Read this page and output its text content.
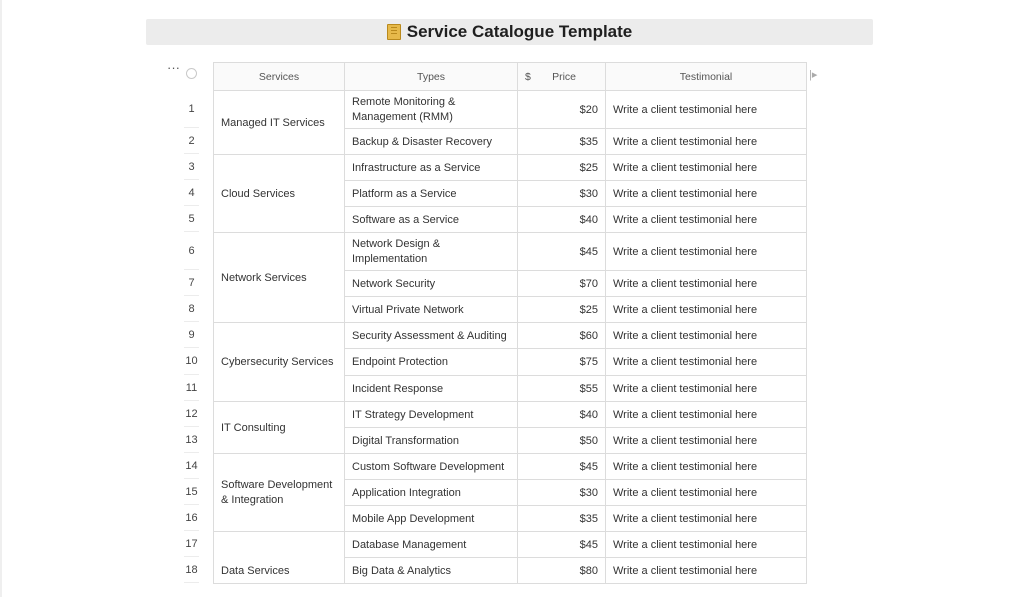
Service Catalogue Template
···	|▸
1
2
3
4
5
6
7
8
9
10
11
12
13
14
15
16
17
18
Services	Types	$ Price	Testimonial
Managed IT Services	Remote Monitoring & Management (RMM)	$20	Write a client testimonial here
	Backup & Disaster Recovery	$35	Write a client testimonial here
Cloud Services	Infrastructure as a Service	$25	Write a client testimonial here
	Platform as a Service	$30	Write a client testimonial here
	Software as a Service	$40	Write a client testimonial here
Network Services	Network Design & Implementation	$45	Write a client testimonial here
	Network Security	$70	Write a client testimonial here
	Virtual Private Network	$25	Write a client testimonial here
Cybersecurity Services	Security Assessment & Auditing	$60	Write a client testimonial here
	Endpoint Protection	$75	Write a client testimonial here
	Incident Response	$55	Write a client testimonial here
IT Consulting	IT Strategy Development	$40	Write a client testimonial here
	Digital Transformation	$50	Write a client testimonial here

Software Development & Integration	Custom Software Development	$45	Write a client testimonial here
	Application Integration	$30	Write a client testimonial here
	Mobile App Development	$35	Write a client testimonial here
Data Services	Database Management	$45	Write a client testimonial here
	Big Data & Analytics	$80	Write a client testimonial here
